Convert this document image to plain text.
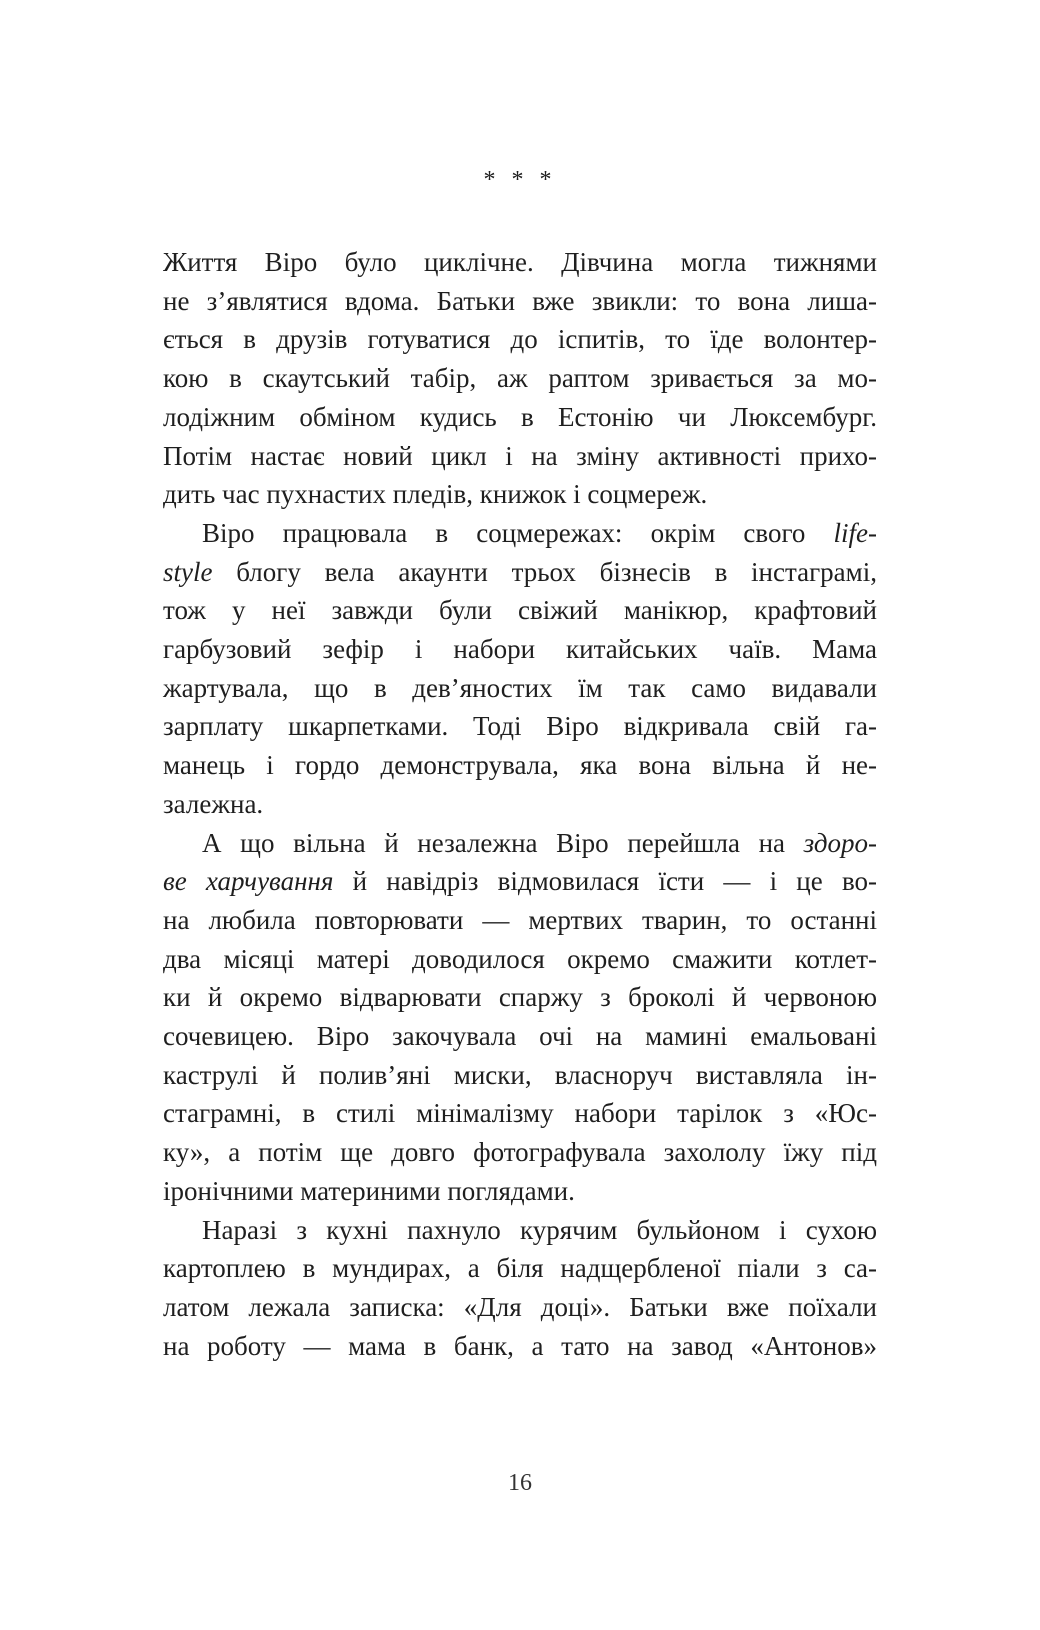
* * *
Життя Віро було циклічне. Дівчина могла тижнями
не з’являтися вдома. Батьки вже звикли: то вона лиша-
ється в друзів готуватися до іспитів, то їде волонтер-
кою в скаутський табір, аж раптом зривається за мо-
лодіжним обміном кудись в Естонію чи Люксембург.
Потім настає новий цикл і на зміну активності прихо-
дить час пухнастих пледів, книжок і соцмереж.
Віро працювала в соцмережах: окрім свого life-
style блогу вела акаунти трьох бізнесів в інстаграмі,
тож у неї завжди були свіжий манікюр, крафтовий
гарбузовий зефір і набори китайських чаїв. Мама
жартувала, що в дев’яностих їм так само видавали
зарплату шкарпетками. Тоді Віро відкривала свій га-
манець і гордо демонструвала, яка вона вільна й не-
залежна.
А що вільна й незалежна Віро перейшла на здоро-
ве харчування й навідріз відмовилася їсти — і це во-
на любила повторювати — мертвих тварин, то останні
два місяці матері доводилося окремо смажити котлет-
ки й окремо відварювати спаржу з броколі й червоною
сочевицею. Віро закочувала очі на мамині емальовані
каструлі й полив’яні миски, власноруч виставляла ін-
стаграмні, в стилі мінімалізму набори тарілок з «Юс-
ку», а потім ще довго фотографувала захололу їжу під
іронічними материними поглядами.
Наразі з кухні пахнуло курячим бульйоном і сухою
картоплею в мундирах, а біля надщербленої піали з са-
латом лежала записка: «Для доці». Батьки вже поїхали
на роботу — мама в банк, а тато на завод «Антонов»
16
